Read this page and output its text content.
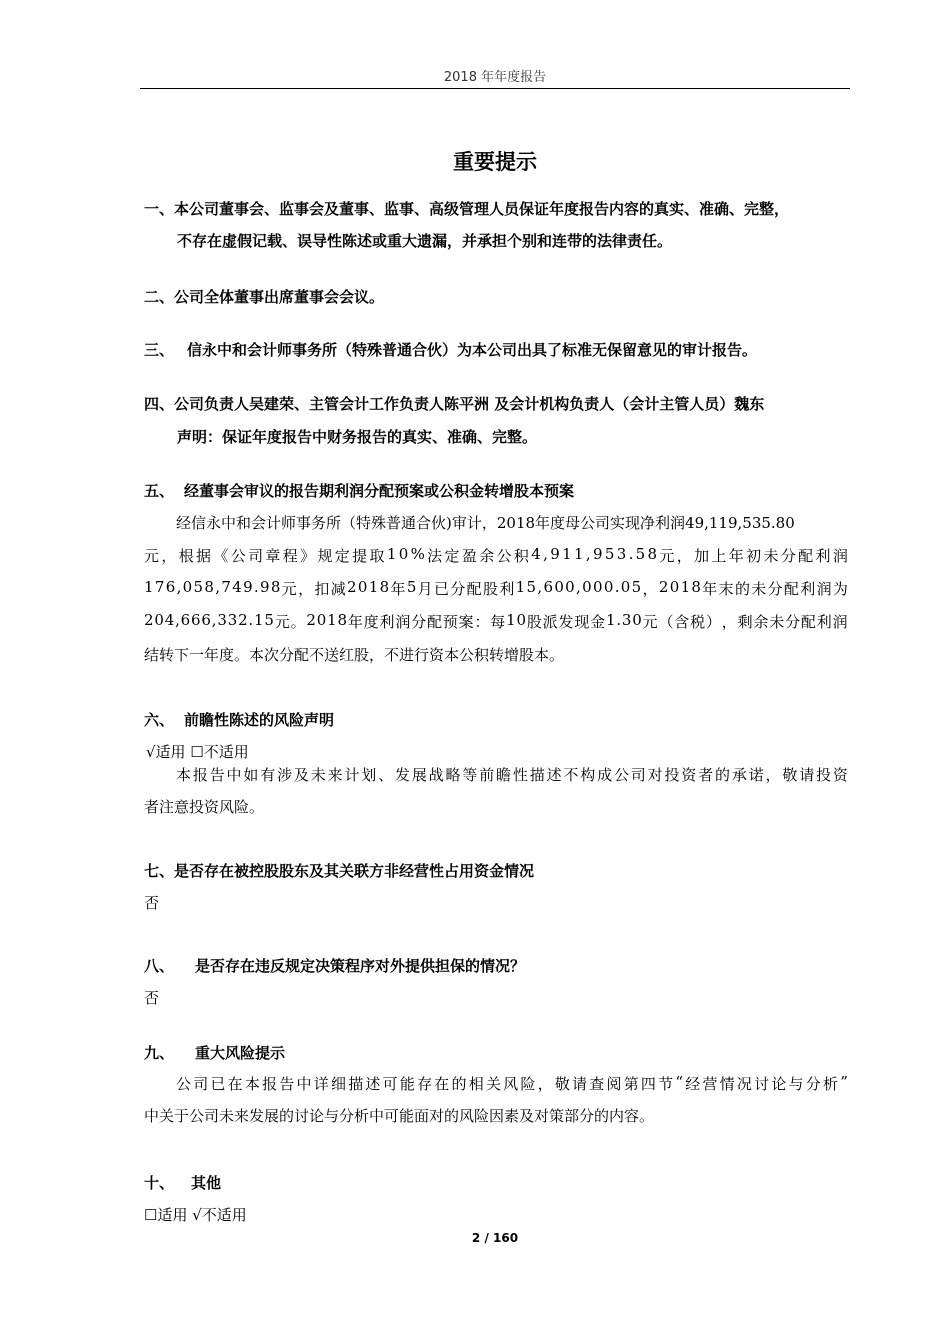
2018 年年度报告
重要提示
一、本公司董事会、监事会及董事、监事、高级管理人员保证年度报告内容的真实、准确、完整，
不存在虚假记载、误导性陈述或重大遗漏，并承担个别和连带的法律责任。
二、公司全体董事出席董事会会议。
三、 信永中和会计师事务所（特殊普通合伙）为本公司出具了标准无保留意见的审计报告。
四、公司负责人吴建荣、主管会计工作负责人陈平洲 及会计机构负责人（会计主管人员）魏东
声明：保证年度报告中财务报告的真实、准确、完整。
五、 经董事会审议的报告期利润分配预案或公积金转增股本预案
经信永中和会计师事务所（特殊普通合伙)审计，2018年度母公司实现净利润49,119,535.80
元 ， 根 据 《 公 司 章 程 》 规 定 提 取 1 0 % 法 定 盈 余 公 积 4 , 9 1 1 , 9 5 3 . 5 8 元 ， 加 上 年 初 未 分 配 利 润
1 7 6 , 0 5 8 , 7 4 9 . 9 8 元 ， 扣 减 2 0 1 8 年 5 月 已 分 配 股 利 1 5 , 6 0 0 , 0 0 0 . 0 5 ， 2 0 1 8 年 末 的 未 分 配 利 润 为
2 0 4 , 6 6 6 , 3 3 2 . 1 5 元 。 2 0 1 8 年 度 利 润 分 配 预 案 ： 每 1 0 股 派 发 现 金 1 . 3 0 元 （ 含 税 ） ， 剩 余 未 分 配 利 润
结转下一年度。本次分配不送红股，不进行资本公积转增股本。
六、 前瞻性陈述的风险声明
√适用 ☐不适用
本 报 告 中 如 有 涉 及 未 来 计 划 、 发 展 战 略 等 前 瞻 性 描 述 不 构 成 公 司 对 投 资 者 的 承 诺 ， 敬 请 投 资
者注意投资风险。
七、是否存在被控股股东及其关联方非经营性占用资金情况
否
八、 是否存在违反规定决策程序对外提供担保的情况？
否
九、 重大风险提示
公 司 已 在 本 报 告 中 详 细 描 述 可 能 存 在 的 相 关 风 险 ， 敬 请 查 阅 第 四 节 “ 经 营 情 况 讨 论 与 分 析 ”
中关于公司未来发展的讨论与分析中可能面对的风险因素及对策部分的内容。
十、 其他
☐适用 √不适用
2 / 160
